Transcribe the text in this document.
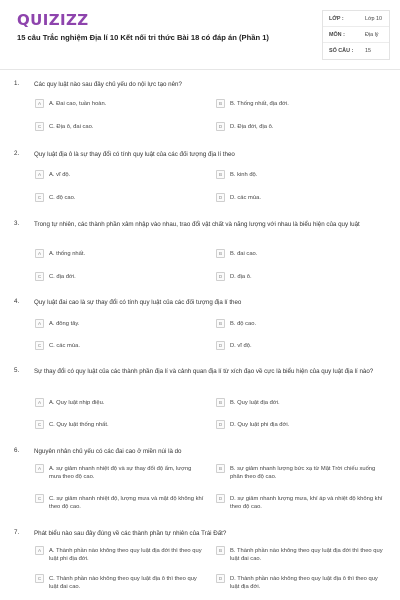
QUIZIZZ
15 câu Trắc nghiệm Địa lí 10 Kết nối tri thức Bài 18 có đáp án (Phần 1)
LỚP :	Lớp 10
MÔN :	Địa lý
SỐ CÂU : 15
1. Các quy luật nào sau đây chủ yếu do nội lực tạo nên?
A	A. Đai cao, tuần hoàn.	B	B. Thống nhất, địa đới.
C	C. Địa ô, đai cao.	D	D. Địa đới, địa ô.
2. Quy luật địa ô là sự thay đổi có tính quy luật của các đối tượng địa lí theo
A	A. vĩ độ.	B	B. kinh độ.
C	C. độ cao.	D	D. các mùa.
3. Trong tự nhiên, các thành phần xâm nhập vào nhau, trao đổi vật chất và năng lượng với nhau là biểu hiện của quy luật
A	A. thống nhất.	B	B. đai cao.
C	C. địa đới.	D	D. địa ô.
4. Quy luật đai cao là sự thay đổi có tính quy luật của các đối tượng địa lí theo
A	A. đông tây.	B	B. độ cao.
C	C. các mùa.	D	D. vĩ độ.
5. Sự thay đổi có quy luật của các thành phần địa lí và cảnh quan địa lí từ xích đạo về cực là biểu hiện của quy luật địa lí nào?
A	A. Quy luật nhịp điệu.	B	B. Quy luật địa đới.
C	C. Quy luật thống nhất.	D	D. Quy luật phi địa đới.
6. Nguyên nhân chủ yếu có các đai cao ở miền núi là do
A	A. sự giảm nhanh nhiệt độ và sự thay đổi độ ẩm, lượng mưa theo độ cao.
B	B. sự giảm nhanh lượng bức xạ từ Mặt Trời chiếu xuống phân theo độ cao.
C	C. sự giảm nhanh nhiệt độ, lượng mưa và mặt độ không khí theo độ cao.
D	D. sự giảm nhanh lượng mưa, khí áp và nhiệt độ không khí theo độ cao.
7. Phát biểu nào sau đây đúng về các thành phần tự nhiên của Trái Đất?
A	A. Thành phần nào không theo quy luật địa đới thì theo quy luật phi địa đới.
B	B. Thành phần nào không theo quy luật địa đới thì theo quy luật đai cao.
C	C. Thành phần nào không theo quy luật địa ô thì theo quy luật đai cao.
D	D. Thành phần nào không theo quy luật địa ô thì theo quy luật địa đới.
